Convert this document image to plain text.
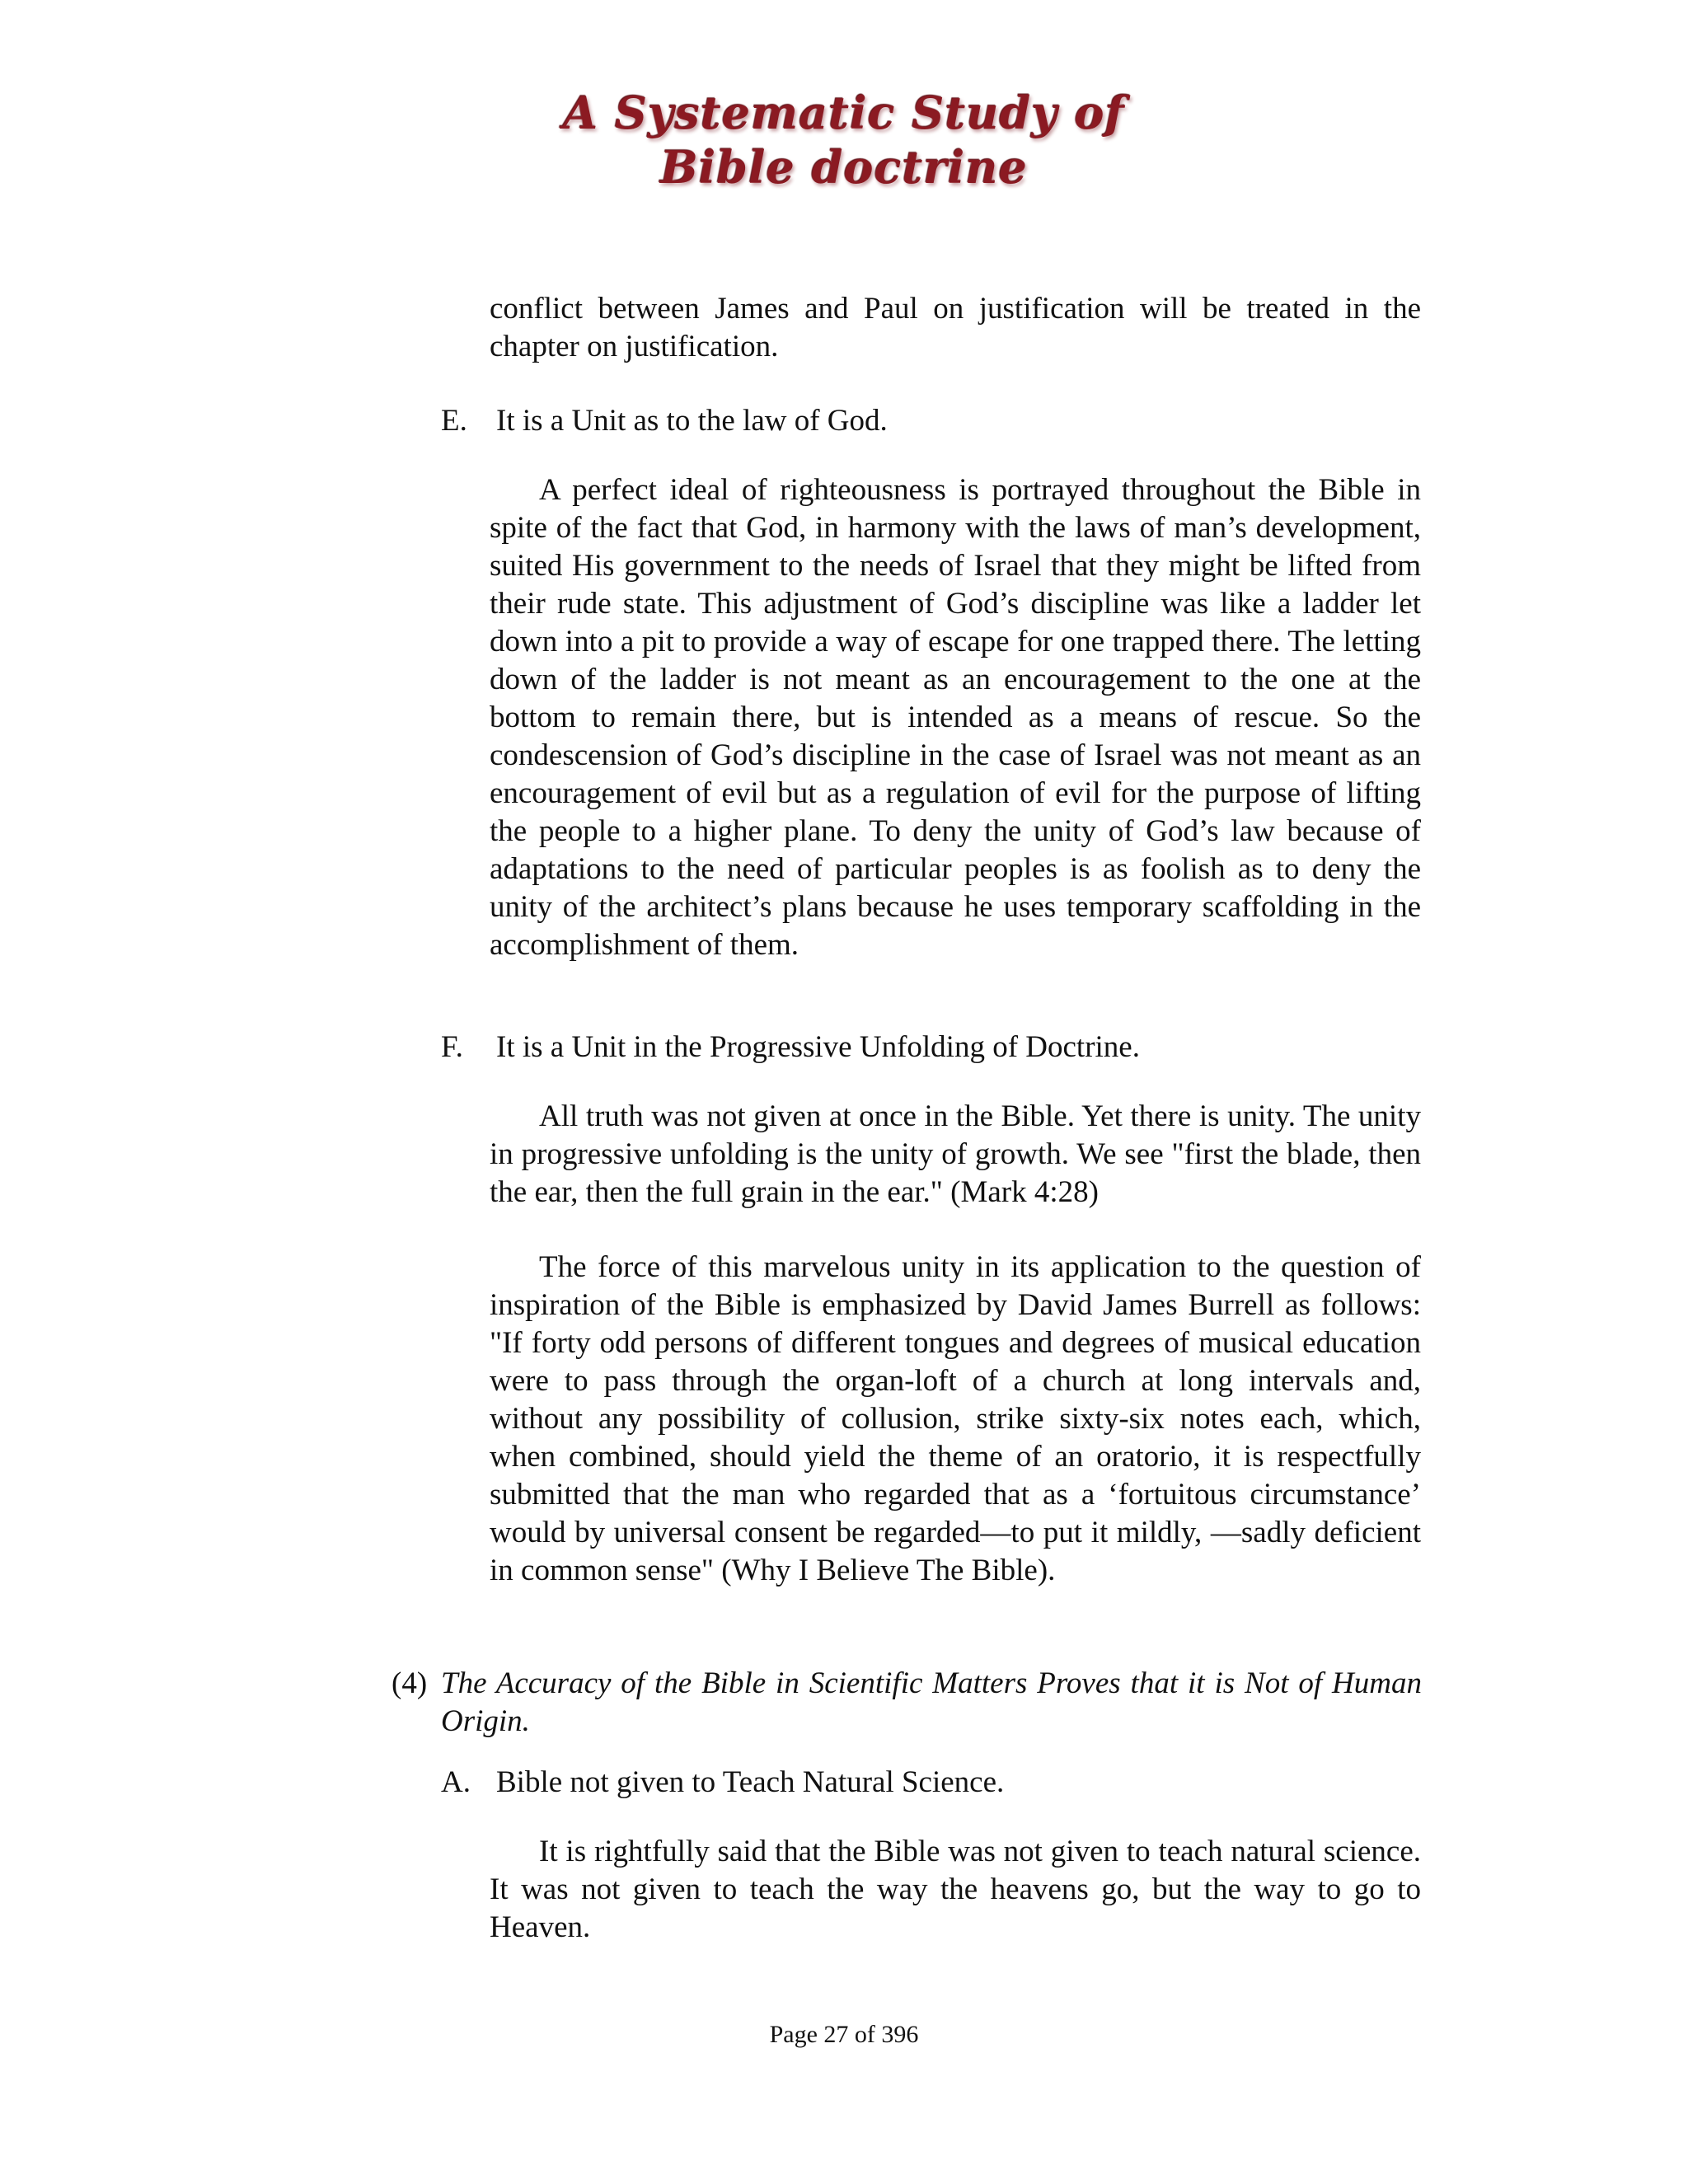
A Systematic Study of
Bible doctrine

conflict between James and Paul on justification will be treated in the chapter on justification.

E. It is a Unit as to the law of God.

A perfect ideal of righteousness is portrayed throughout the Bible in spite of the fact that God, in harmony with the laws of man’s development, suited His government to the needs of Israel that they might be lifted from their rude state. This adjustment of God’s discipline was like a ladder let down into a pit to provide a way of escape for one trapped there. The letting down of the ladder is not meant as an encouragement to the one at the bottom to remain there, but is intended as a means of rescue. So the condescension of God’s discipline in the case of Israel was not meant as an encouragement of evil but as a regulation of evil for the purpose of lifting the people to a higher plane. To deny the unity of God’s law because of adaptations to the need of particular peoples is as foolish as to deny the unity of the architect’s plans because he uses temporary scaffolding in the accomplishment of them.

F. It is a Unit in the Progressive Unfolding of Doctrine.

All truth was not given at once in the Bible. Yet there is unity. The unity in progressive unfolding is the unity of growth. We see "first the blade, then the ear, then the full grain in the ear." (Mark 4:28)

The force of this marvelous unity in its application to the question of inspiration of the Bible is emphasized by David James Burrell as follows: "If forty odd persons of different tongues and degrees of musical education were to pass through the organ-loft of a church at long intervals and, without any possibility of collusion, strike sixty-six notes each, which, when combined, should yield the theme of an oratorio, it is respectfully submitted that the man who regarded that as a ‘fortuitous circumstance’ would by universal consent be regarded—to put it mildly, —sadly deficient in common sense" (Why I Believe The Bible).

(4) The Accuracy of the Bible in Scientific Matters Proves that it is Not of Human Origin.

A. Bible not given to Teach Natural Science.

It is rightfully said that the Bible was not given to teach natural science. It was not given to teach the way the heavens go, but the way to go to Heaven.

Page 27 of 396
